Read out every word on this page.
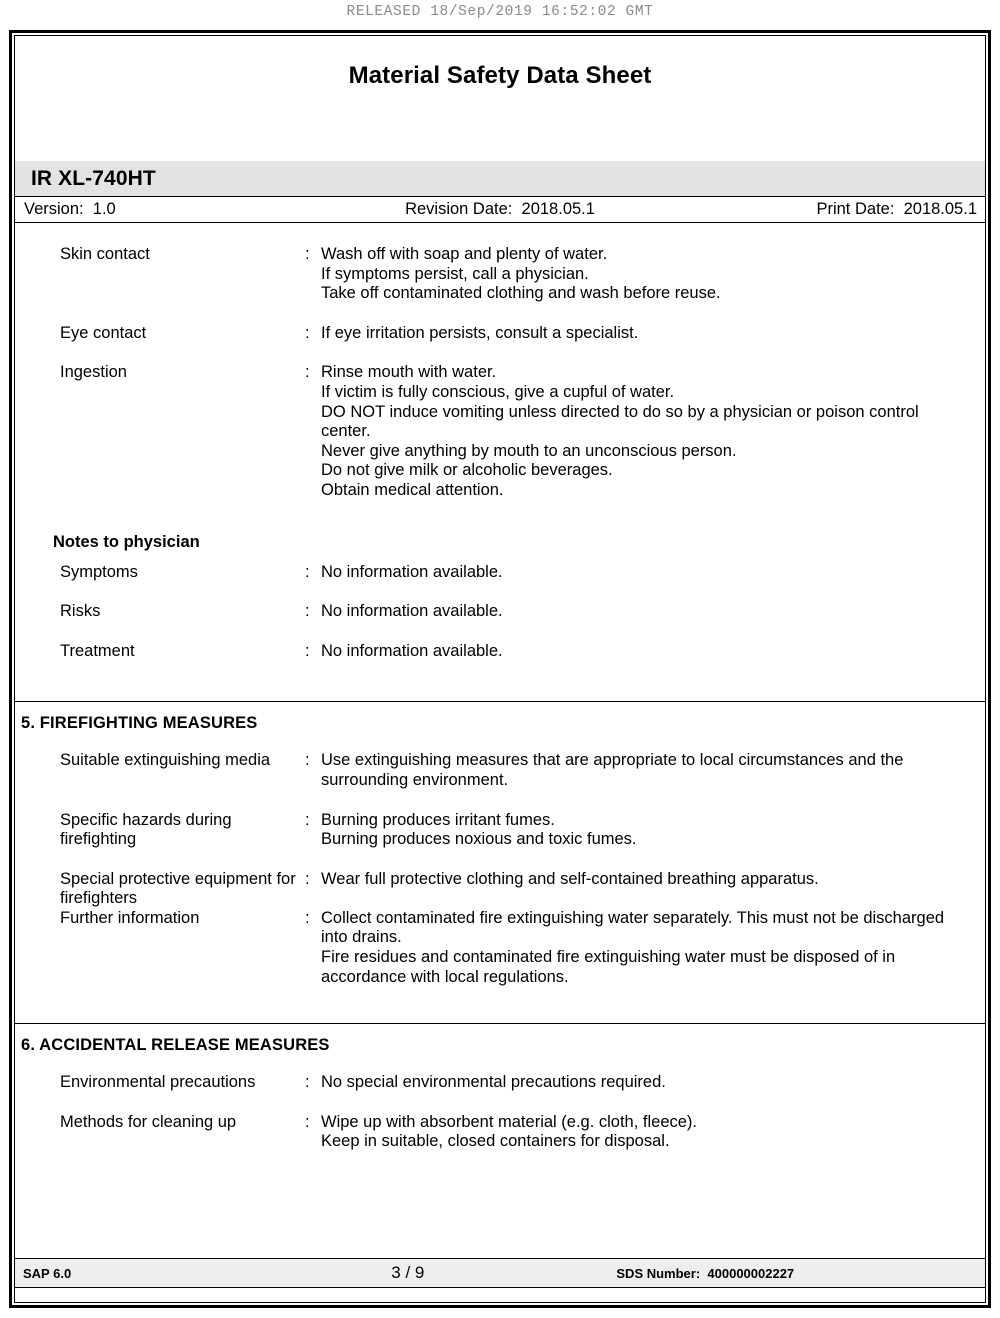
RELEASED 18/Sep/2019 16:52:02 GMT
Material Safety Data Sheet
IR XL-740HT
Version:  1.0	Revision Date:  2018.05.1	Print Date:  2018.05.1
Skin contact	: Wash off with soap and plenty of water.
If symptoms persist, call a physician.
Take off contaminated clothing and wash before reuse.
Eye contact	: If eye irritation persists, consult a specialist.
Ingestion	: Rinse mouth with water.
If victim is fully conscious, give a cupful of water.
DO NOT induce vomiting unless directed to do so by a physician or poison control center.
Never give anything by mouth to an unconscious person.
Do not give milk or alcoholic beverages.
Obtain medical attention.
Notes to physician
Symptoms	: No information available.
Risks	: No information available.
Treatment	: No information available.
5. FIREFIGHTING MEASURES
Suitable extinguishing media	: Use extinguishing measures that are appropriate to local circumstances and the surrounding environment.
Specific hazards during firefighting
: Burning produces irritant fumes.
Burning produces noxious and toxic fumes.
Special protective equipment for firefighters
: Wear full protective clothing and self-contained breathing apparatus.
Further information	: Collect contaminated fire extinguishing water separately. This must not be discharged into drains.
Fire residues and contaminated fire extinguishing water must be disposed of in accordance with local regulations.
6. ACCIDENTAL RELEASE MEASURES
Environmental precautions	: No special environmental precautions required.
Methods for cleaning up	: Wipe up with absorbent material (e.g. cloth, fleece).
Keep in suitable, closed containers for disposal.
SAP 6.0	3 / 9	SDS Number:  400000002227
